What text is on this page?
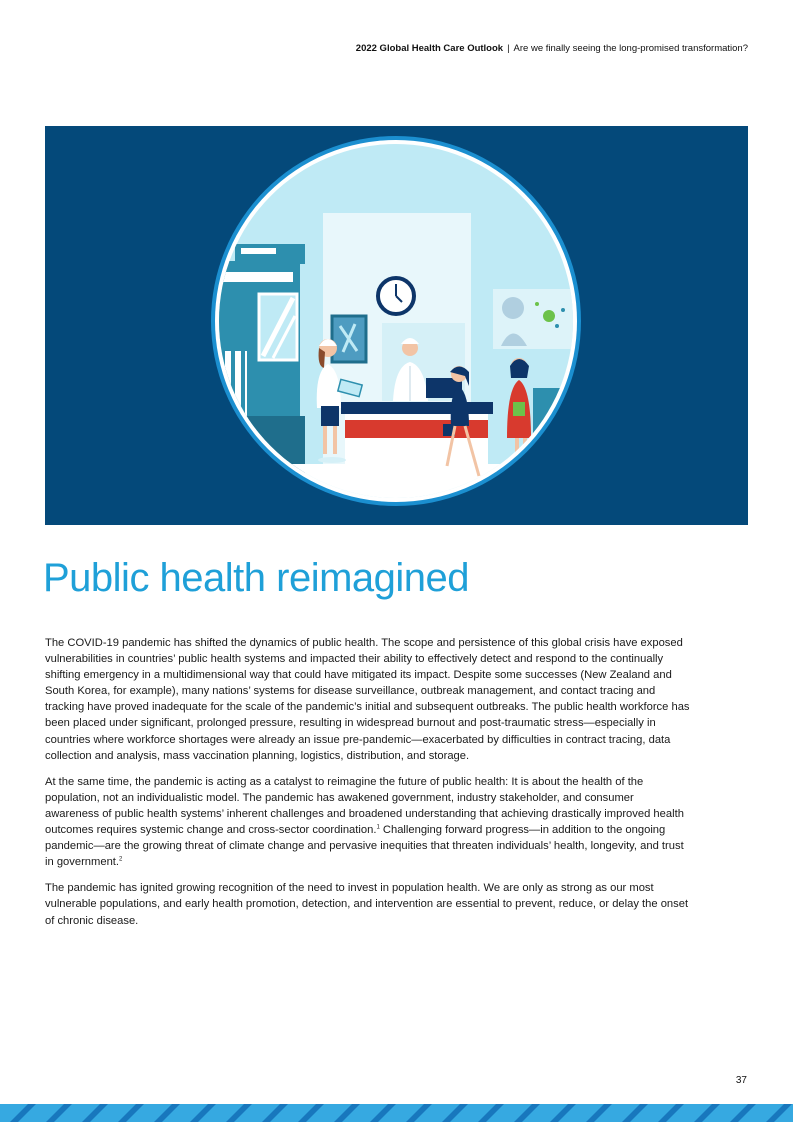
2022 Global Health Care Outlook | Are we finally seeing the long-promised transformation?
Public health reimagined

The COVID-19 pandemic has shifted the dynamics of public health. The scope and persistence of this global crisis have exposed vulnerabilities in countries’ public health systems and impacted their ability to effectively detect and respond to the continually shifting emergency in a multidimensional way that could have mitigated its impact. Despite some successes (New Zealand and South Korea, for example), many nations’ systems for disease surveillance, outbreak management, and contact tracing and tracking have proved inadequate for the scale of the pandemic’s initial and subsequent outbreaks. The public health workforce has been placed under significant, prolonged pressure, resulting in widespread burnout and post-traumatic stress—especially in countries where workforce shortages were already an issue pre-pandemic—exacerbated by difficulties in contract tracing, data collection and analysis, mass vaccination planning, logistics, distribution, and storage.

At the same time, the pandemic is acting as a catalyst to reimagine the future of public health: It is about the health of the population, not an individualistic model. The pandemic has awakened government, industry stakeholder, and consumer awareness of public health systems’ inherent challenges and broadened understanding that achieving drastically improved health outcomes requires systemic change and cross-sector coordination.$^1$ Challenging forward progress—in addition to the ongoing pandemic—are the growing threat of climate change and pervasive inequities that threaten individuals’ health, longevity, and trust in government.$^2$

The pandemic has ignited growing recognition of the need to invest in population health. We are only as strong as our most vulnerable populations, and early health promotion, detection, and intervention are essential to prevent, reduce, or delay the onset of chronic disease.

37
